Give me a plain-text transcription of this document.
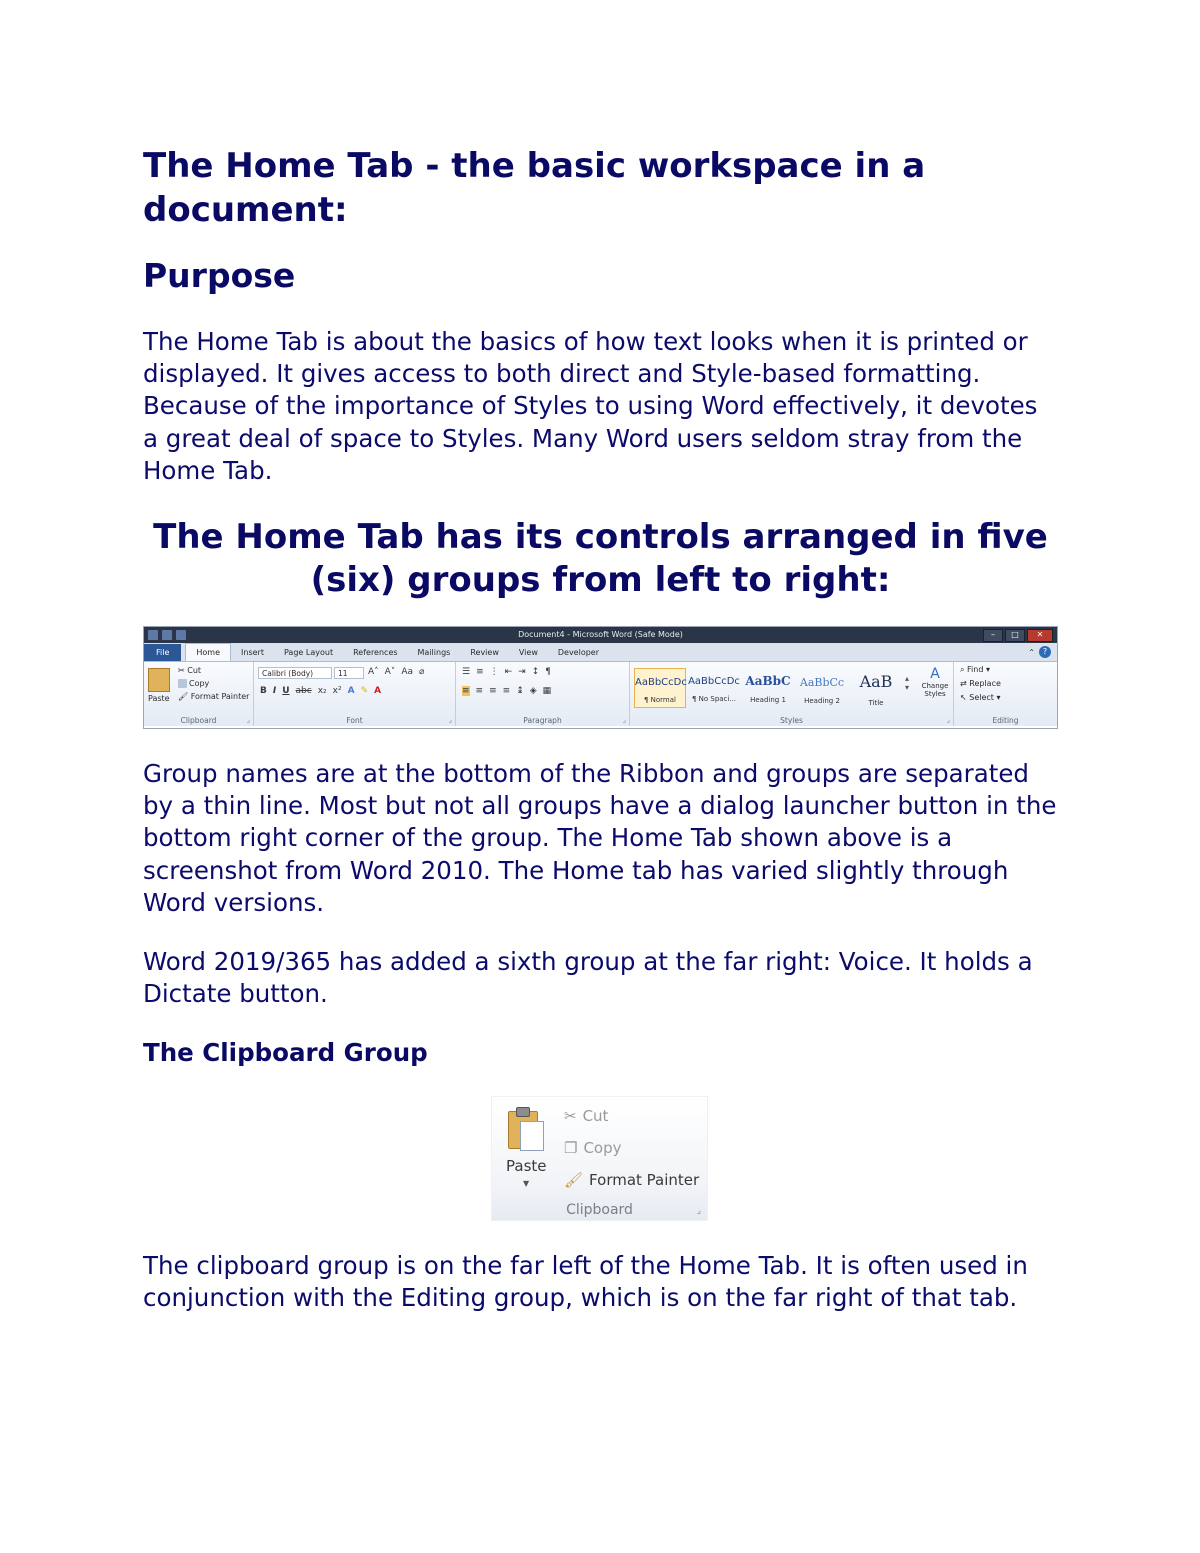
The Home Tab - the basic workspace in a document:
Purpose

The Home Tab is about the basics of how text looks when it is printed or displayed. It gives access to both direct and Style-based formatting. Because of the importance of Styles to using Word effectively, it devotes a great deal of space to Styles. Many Word users seldom stray from the Home Tab.

The Home Tab has its controls arranged in five (six) groups from left to right:
Document4 - Microsoft Word (Safe Mode)	–	□	✕
File	Home	Insert	Page Layout	References	Mailings	Review	View	Developer	⌃ ?
Paste
✂ Cut
Copy
🖌 Format Painter
Clipboard	⌟
Calibri (Body)	11	A˄ A˅ Aa ⌀
B I U abc x₂ x² A ✎ A
Font	⌟
☰ ≡ ⋮ ⇤ ⇥ ↕ ¶
≡ ≡ ≡ ≡ ↨ ◈ ▦
Paragraph	⌟
AaBbCcDc
¶ Normal
AaBbCcDc
¶ No Spaci...
AaBbC
Heading 1
AaBbCc
Heading 2
AaB
Title
▴
▾
A
Change Styles
Styles	⌟
⌕ Find ▾
⇄ Replace
↖ Select ▾
Editing

Group names are at the bottom of the Ribbon and groups are separated by a thin line. Most but not all groups have a dialog launcher button in the bottom right corner of the group. The Home Tab shown above is a screenshot from Word 2010. The Home tab has varied slightly through Word versions.

Word 2019/365 has added a sixth group at the far right: Voice. It holds a Dictate button.

The Clipboard Group
Paste
▼
✂ Cut
❐ Copy
🖌 Format Painter
Clipboard	⌟

The clipboard group is on the far left of the Home Tab. It is often used in conjunction with the Editing group, which is on the far right of that tab.
